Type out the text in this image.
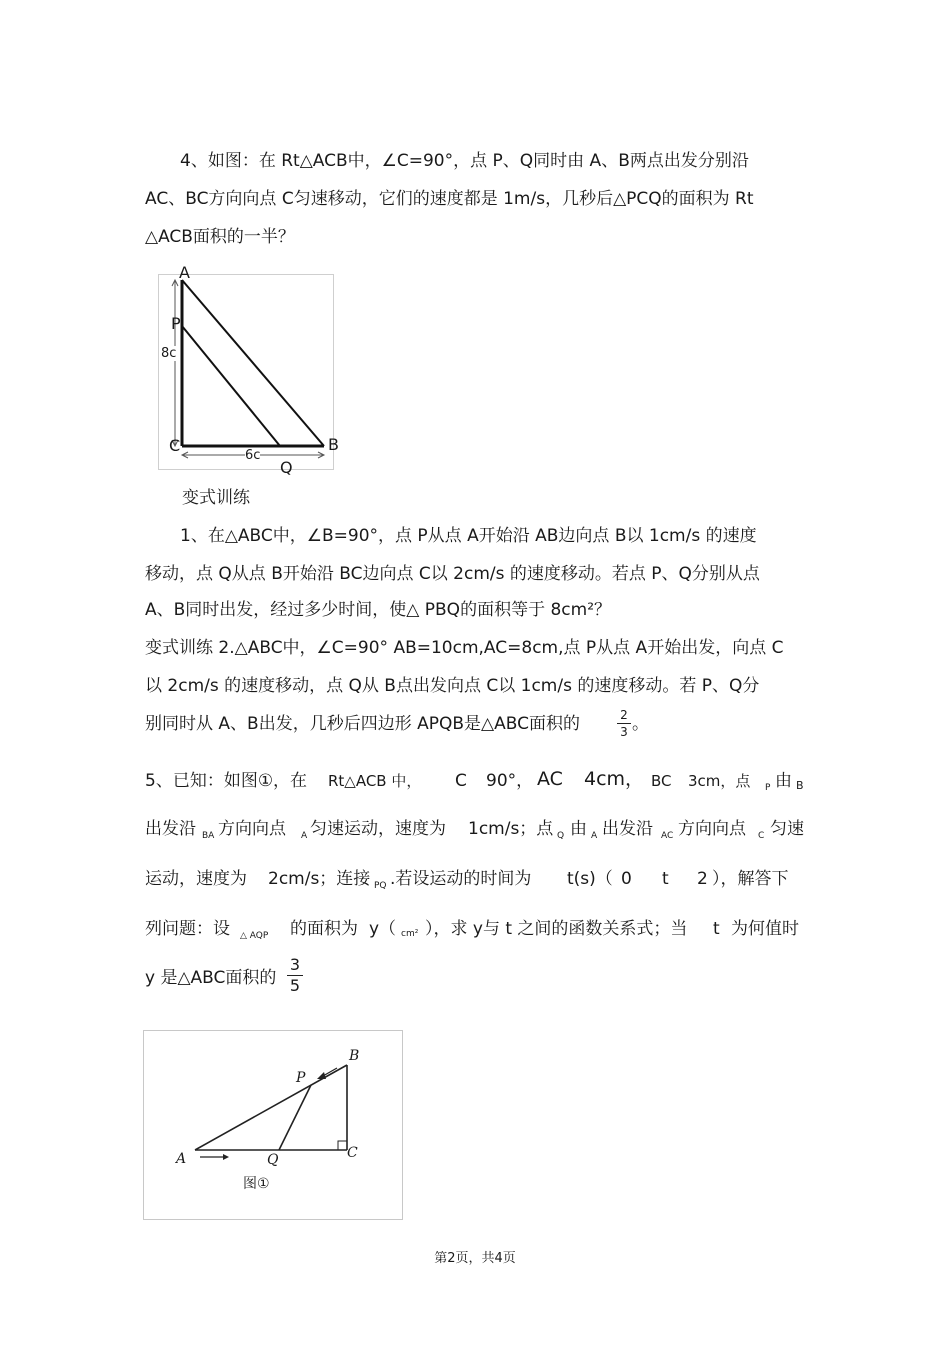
4、如图：在 Rt△ACB中，∠C=90°，点 P、Q同时由 A、B两点出发分别沿
AC、BC方向向点 C匀速移动，它们的速度都是 1m/s，几秒后△PCQ的面积为 Rt
△ACB面积的一半？
A
P
8c
C	B
6c
Q
变式训练
1、在△ABC中，∠B=90°，点 P从点 A开始沿 AB边向点 B以 1cm/s 的速度
移动，点 Q从点 B开始沿 BC边向点 C以 2cm/s 的速度移动。若点 P、Q分别从点
A、B同时出发，经过多少时间，使△ PBQ的面积等于 8cm²？
变式训练 2.△ABC中，∠C=90° AB=10cm,AC=8cm,点 P从点 A开始出发，向点 C
以 2cm/s 的速度移动，点 Q从 B点出发向点 C以 1cm/s 的速度移动。若 P、Q分
别同时从 A、B出发，几秒后四边形 APQB是△ABC面积的	$\frac{2}{3}$ 。
5、已知：如图①，在 Rt△ACB 中， C 90°， AC 4cm， BC 3cm，点 P 由 B
出发沿 BA 方向向点 A 匀速运动，速度为 1cm/s；点 Q 由 A 出发沿 AC 方向向点 C 匀速
运动，速度为 2cm/s；连接 PQ .若设运动的时间为 t(s)（ 0 t 2 ），解答下
列问题：设 △ AQP 的面积为 y（ cm² ），求 y与 t 之间的函数关系式；当 t 为何值时
y 是△ABC面积的 $\frac{3}{5}$
B
P
A	Q	C
图①
第2页，共4页
